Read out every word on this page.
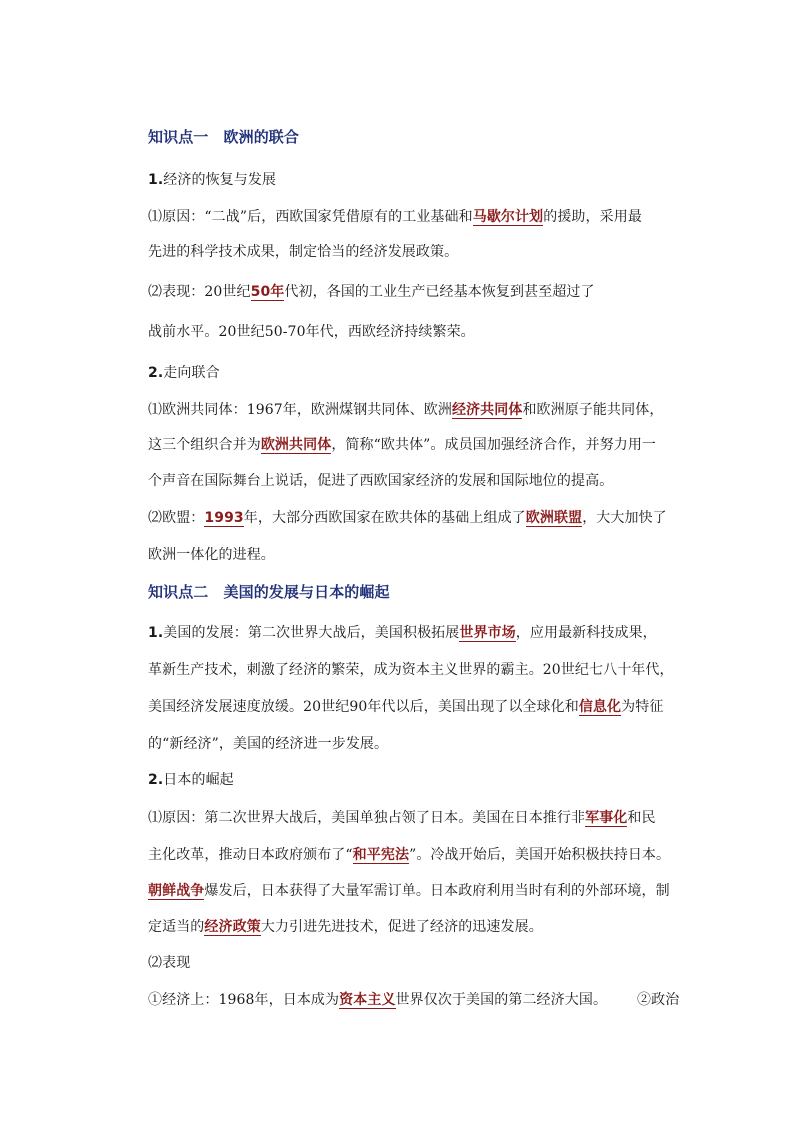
知识点一　欧洲的联合
1.经济的恢复与发展
⑴原因：“二战”后，西欧国家凭借原有的工业基础和马歇尔计划的援助，采用最
先进的科学技术成果，制定恰当的经济发展政策。
⑵表现：20世纪50年代初，各国的工业生产已经基本恢复到甚至超过了
战前水平。20世纪50-70年代，西欧经济持续繁荣。
2.走向联合
⑴欧洲共同体：1967年，欧洲煤钢共同体、欧洲经济共同体和欧洲原子能共同体，
这三个组织合并为欧洲共同体，简称“欧共体”。成员国加强经济合作，并努力用一
个声音在国际舞台上说话，促进了西欧国家经济的发展和国际地位的提高。
⑵欧盟：1993年，大部分西欧国家在欧共体的基础上组成了欧洲联盟，大大加快了
欧洲一体化的进程。
知识点二　美国的发展与日本的崛起
1.美国的发展：第二次世界大战后，美国积极拓展世界市场，应用最新科技成果，
革新生产技术，刺激了经济的繁荣，成为资本主义世界的霸主。20世纪七八十年代，
美国经济发展速度放缓。20世纪90年代以后，美国出现了以全球化和信息化为特征
的“新经济”，美国的经济进一步发展。
2.日本的崛起
⑴原因：第二次世界大战后，美国单独占领了日本。美国在日本推行非军事化和民
主化改革，推动日本政府颁布了“和平宪法”。冷战开始后，美国开始积极扶持日本。
朝鲜战争爆发后，日本获得了大量军需订单。日本政府利用当时有利的外部环境，制
定适当的经济政策大力引进先进技术，促进了经济的迅速发展。
⑵表现
①经济上：1968年，日本成为资本主义世界仅次于美国的第二经济大国。 ②政治
